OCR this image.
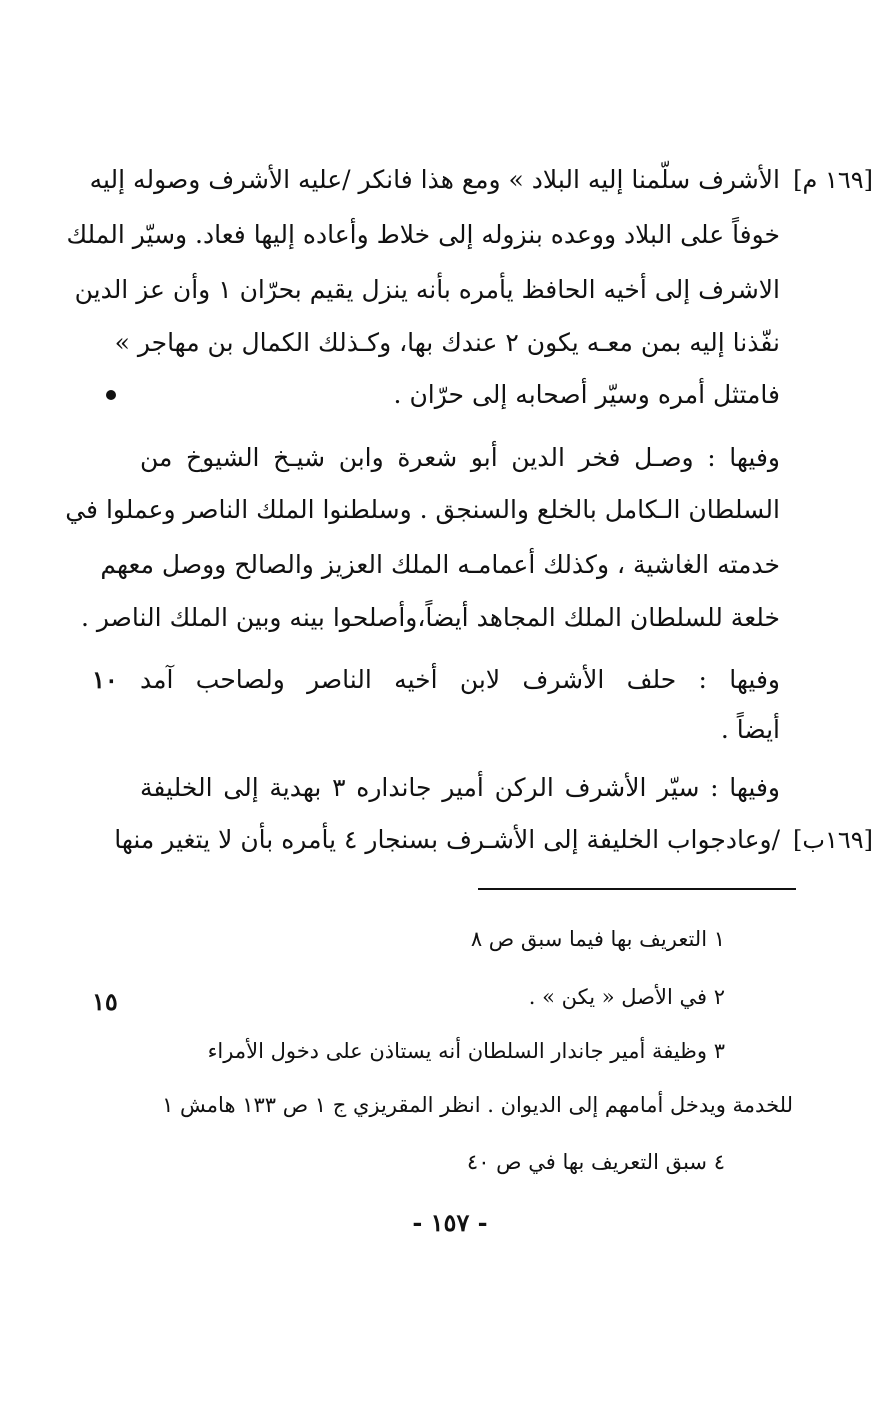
[١٦٩ م]
الأشرف سلّمنا إليه البلاد » ومع هذا فانكر /عليه الأشرف وصوله إليه
خوفاً على البلاد ووعده بنزوله إلى خلاط وأعاده إليها فعاد. وسيّر الملك
الاشرف إلى أخيه الحافظ يأمره بأنه ينزل يقيم بحرّان ١ وأن عز الدين
نفّذنا إليه بمن معـه يكون ٢ عندك بها، وكـذلك الكمال بن مهاجر »
فامتثل أمره وسيّر أصحابه إلى حرّان .
وفيها : وصـل فخر الدين أبو شعرة وابن شيـخ الشيوخ من
السلطان الـكامل بالخلع والسنجق . وسلطنوا الملك الناصر وعملوا في
خدمته الغاشية ، وكذلك أعمامـه الملك العزيز والصالح ووصل معهم
خلعة للسلطان الملك المجاهد أيضاً،وأصلحوا بينه وبين الملك الناصر .
١٠ وفيها : حلف الأشرف لابن أخيه الناصر ولصاحب آمد
أيضاً .
وفيها : سيّر الأشرف الركن أمير جانداره ٣ بهدية إلى الخليفة
[١٦٩ب]
/وعادجواب الخليفة إلى الأشـرف بسنجار ٤ يأمره بأن لا يتغير منها
١ التعريف بها فيما سبق ص ٨
١٥	٢ في الأصل « يكن » .
٣ وظيفة أمير جاندار السلطان أنه يستاذن على دخول الأمراء
للخدمة ويدخل أمامهم إلى الديوان . انظر المقريزي ج ١ ص ١٣٣ هامش ١
٤ سبق التعريف بها في ص ٤٠
- ١٥٧ -
